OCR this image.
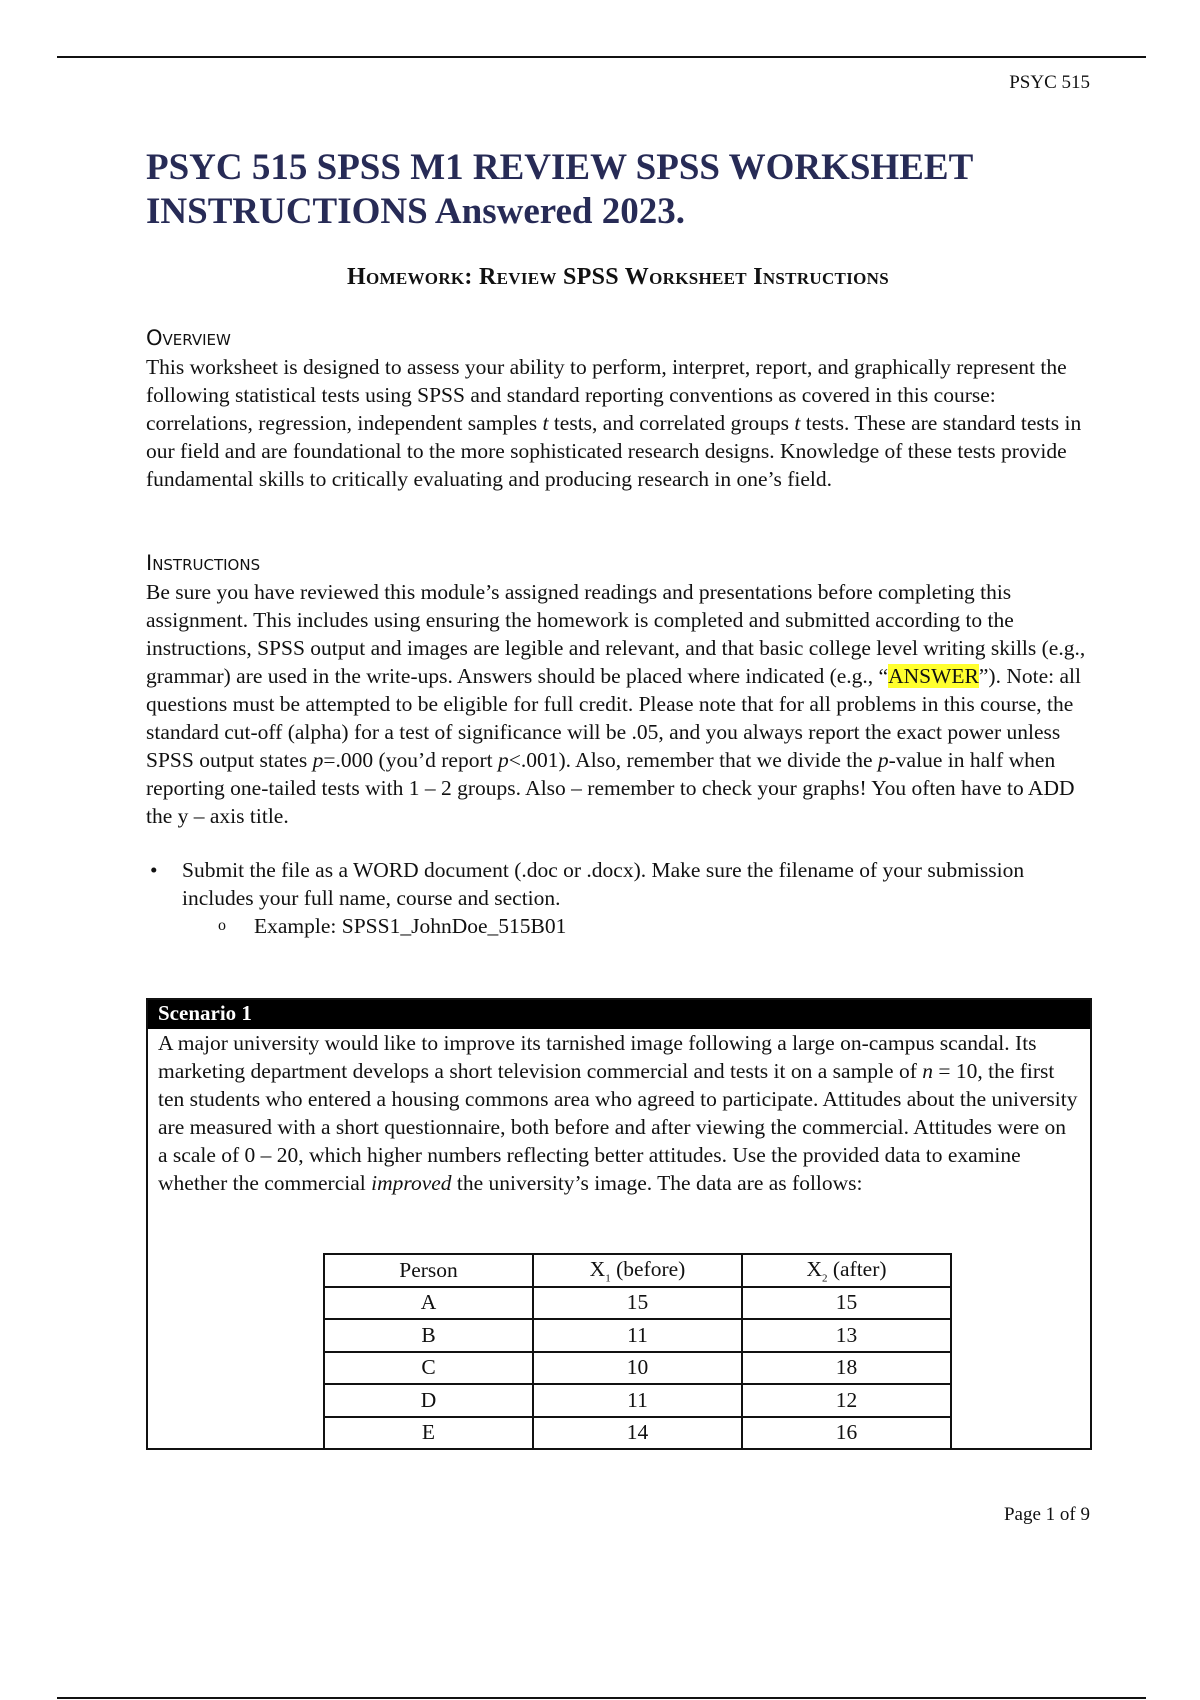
PSYC 515
PSYC 515 SPSS M1 REVIEW SPSS WORKSHEET INSTRUCTIONS Answered 2023.
Homework: Review SPSS Worksheet Instructions
Overview
This worksheet is designed to assess your ability to perform, interpret, report, and graphically represent the following statistical tests using SPSS and standard reporting conventions as covered in this course: correlations, regression, independent samples t tests, and correlated groups t tests. These are standard tests in our field and are foundational to the more sophisticated research designs. Knowledge of these tests provide fundamental skills to critically evaluating and producing research in one’s field.
Instructions
Be sure you have reviewed this module’s assigned readings and presentations before completing this assignment. This includes using ensuring the homework is completed and submitted according to the instructions, SPSS output and images are legible and relevant, and that basic college level writing skills (e.g., grammar) are used in the write-ups. Answers should be placed where indicated (e.g., “ANSWER”). Note: all questions must be attempted to be eligible for full credit. Please note that for all problems in this course, the standard cut-off (alpha) for a test of significance will be .05, and you always report the exact power unless SPSS output states p=.000 (you’d report p<.001). Also, remember that we divide the p-value in half when reporting one-tailed tests with 1 – 2 groups. Also – remember to check your graphs! You often have to ADD the y – axis title.
• Submit the file as a WORD document (.doc or .docx). Make sure the filename of your submission includes your full name, course and section.
o Example: SPSS1_JohnDoe_515B01
Scenario 1
A major university would like to improve its tarnished image following a large on-campus scandal. Its marketing department develops a short television commercial and tests it on a sample of n = 10, the first ten students who entered a housing commons area who agreed to participate. Attitudes about the university are measured with a short questionnaire, both before and after viewing the commercial. Attitudes were on a scale of 0 – 20, which higher numbers reflecting better attitudes. Use the provided data to examine whether the commercial improved the university’s image. The data are as follows:
Person	$X_1$ (before)	$X_2$ (after)
A	15	15
B	11	13
C	10	18
D	11	12
E	14	16
Page 1 of 9
